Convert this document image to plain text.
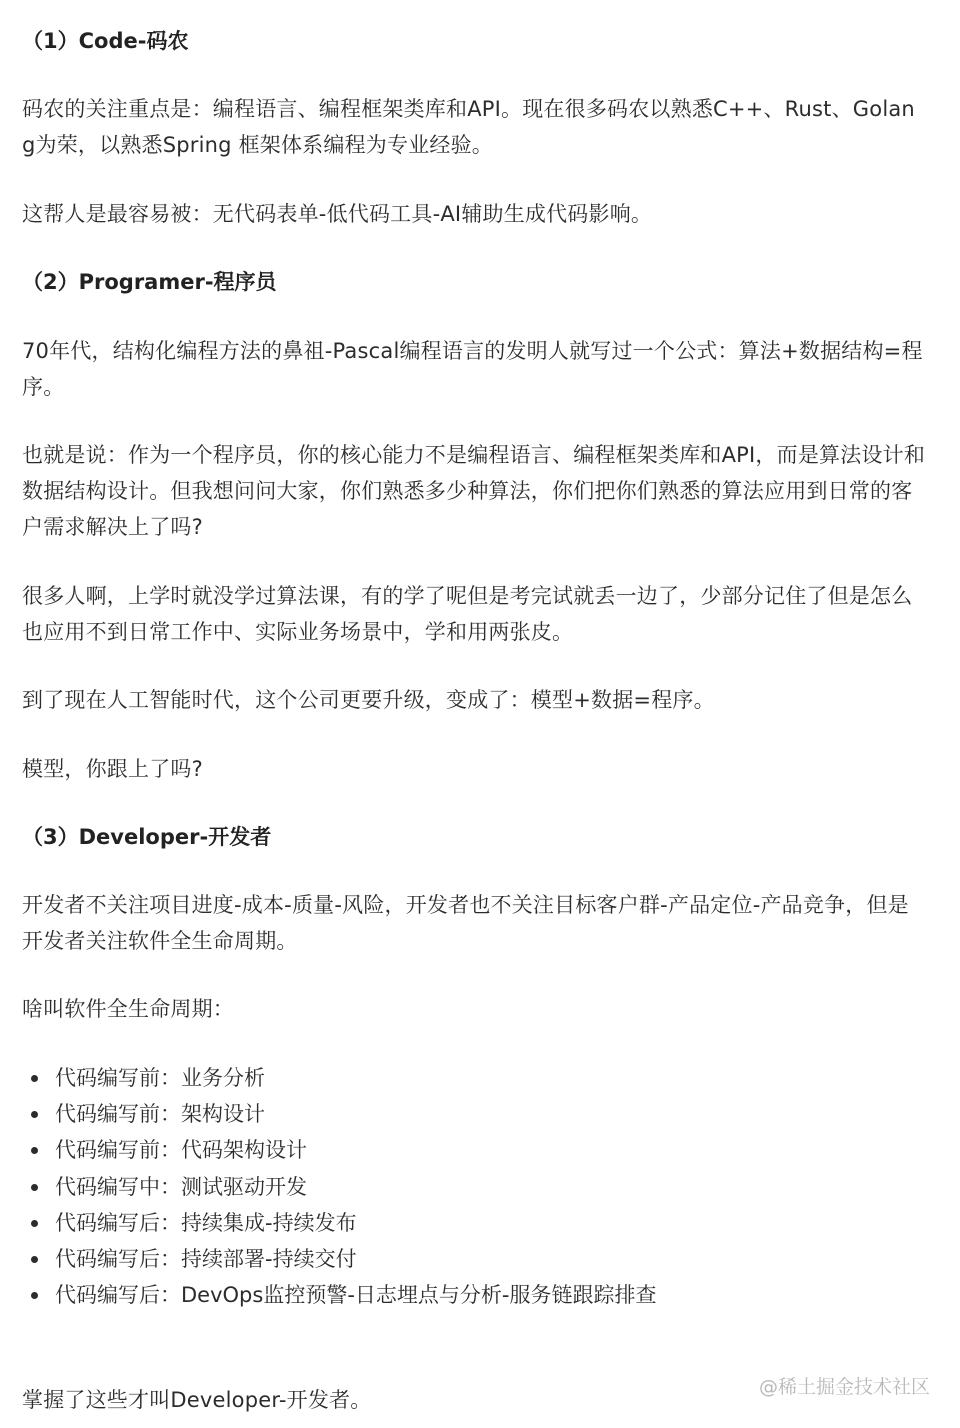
（1）Code-码农
码农的关注重点是：编程语言、编程框架类库和API。现在很多码农以熟悉C++、Rust、Golang为荣，以熟悉Spring 框架体系编程为专业经验。
这帮人是最容易被：无代码表单-低代码工具-AI辅助生成代码影响。
（2）Programer-程序员
70年代，结构化编程方法的鼻祖-Pascal编程语言的发明人就写过一个公式：算法+数据结构=程序。
也就是说：作为一个程序员，你的核心能力不是编程语言、编程框架类库和API，而是算法设计和数据结构设计。但我想问问大家，你们熟悉多少种算法，你们把你们熟悉的算法应用到日常的客户需求解决上了吗?
很多人啊，上学时就没学过算法课，有的学了呢但是考完试就丢一边了，少部分记住了但是怎么也应用不到日常工作中、实际业务场景中，学和用两张皮。
到了现在人工智能时代，这个公司更要升级，变成了：模型+数据=程序。
模型，你跟上了吗?
（3）Developer-开发者
开发者不关注项目进度-成本-质量-风险，开发者也不关注目标客户群-产品定位-产品竞争，但是开发者关注软件全生命周期。
啥叫软件全生命周期：
代码编写前：业务分析
代码编写前：架构设计
代码编写前：代码架构设计
代码编写中：测试驱动开发
代码编写后：持续集成-持续发布
代码编写后：持续部署-持续交付
代码编写后：DevOps监控预警-日志埋点与分析-服务链跟踪排查
掌握了这些才叫Developer-开发者。
@稀土掘金技术社区
